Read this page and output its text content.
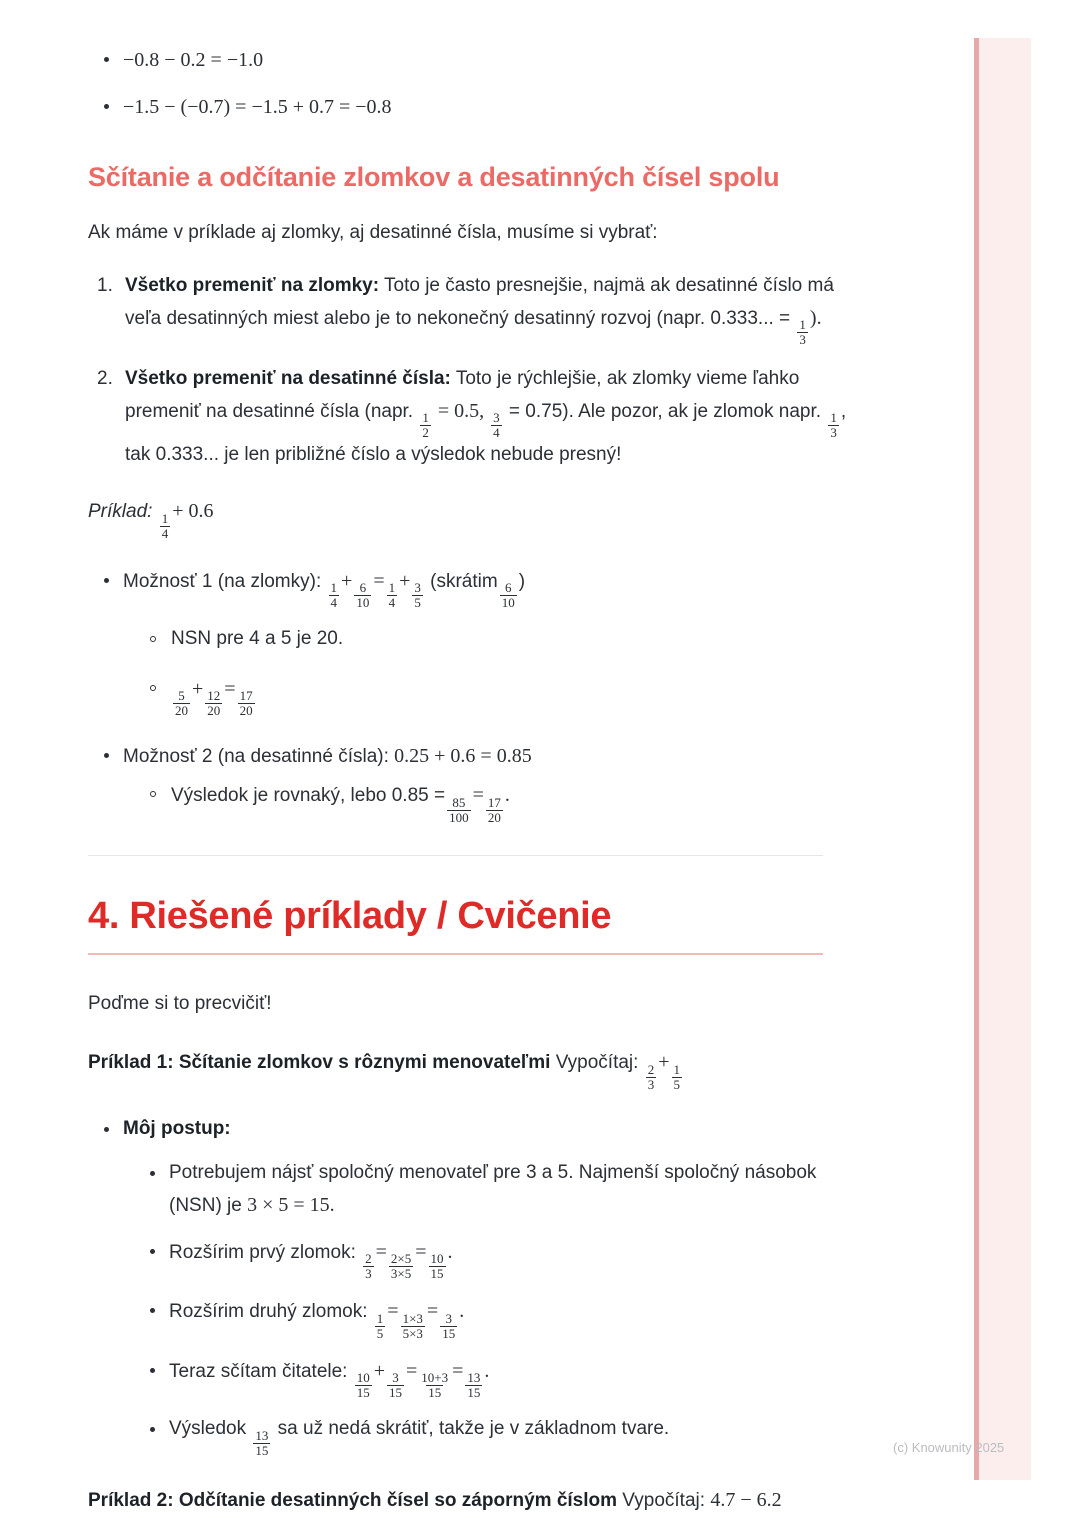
−0.8 − 0.2 = −1.0
−1.5 − (−0.7) = −1.5 + 0.7 = −0.8
Sčítanie a odčítanie zlomkov a desatinných čísel spolu

Ak máme v príklade aj zlomky, aj desatinné čísla, musíme si vybrať:

Všetko premeniť na zlomky: Toto je často presnejšie, najmä ak desatinné číslo má veľa desatinných miest alebo je to nekonečný desatinný rozvoj (napr. 0.333... = $\frac{1}{3}$
).
Všetko premeniť na desatinné čísla: Toto je rýchlejšie, ak zlomky vieme ľahko premeniť na desatinné čísla (napr. $\frac{1}{2}$
= 0.5,
$\frac{3}{4} = 0.75$). Ale pozor, ak je zlomok napr. $\frac{1}{3}$ , tak 0.333... je len približné číslo a výsledok nebude presný!

Príklad: $\frac{1}{4}$
+ 0.6

Možnosť 1 (na zlomky): $\frac{1}{4}$
+
$\frac{6}{10}$
=
$\frac{1}{4}$
+
$\frac{3}{5}$ (skrátim $\frac{6}{10}$ )
NSN pre 4 a 5 je 20.
$\frac{5}{20}$
+
$\frac{12}{20}$
=
$\frac{17}{20}$
Možnosť 2 (na desatinné čísla): 0.25 + 0.6 = 0.85
Výsledok je rovnaký, lebo $0.85 = \frac{85}{100}$
=
$\frac{17}{20}$
.
4. Riešené príklady / Cvičenie

Poďme si to precvičiť!

Príklad 1: Sčítanie zlomkov s rôznymi menovateľmi Vypočítaj: $\frac{2}{3}$
+
$\frac{1}{5}$

Môj postup:
Potrebujem nájsť spoločný menovateľ pre 3 a 5. Najmenší spoločný násobok (NSN) je 3 × 5 = 15.
Rozšírim prvý zlomok: $\frac{2}{3}$
=
$\frac{2\times 5}{3\times 5}$
=
$\frac{10}{15}$
.
Rozšírim druhý zlomok: $\frac{1}{5}$
=
$\frac{1\times 3}{5\times 3}$
=
$\frac{3}{15}$
.
Teraz sčítam čitatele: $\frac{10}{15}$
+
$\frac{3}{15}$
=
$\frac{10+3}{15}$
=
$\frac{13}{15}$
.
Výsledok $\frac{13}{15}$ sa už nedá skrátiť, takže je v základnom tvare.

Príklad 2: Odčítanie desatinných čísel so záporným číslom Vypočítaj: 4.7 − 6.2

(c) Knowunity 2025
